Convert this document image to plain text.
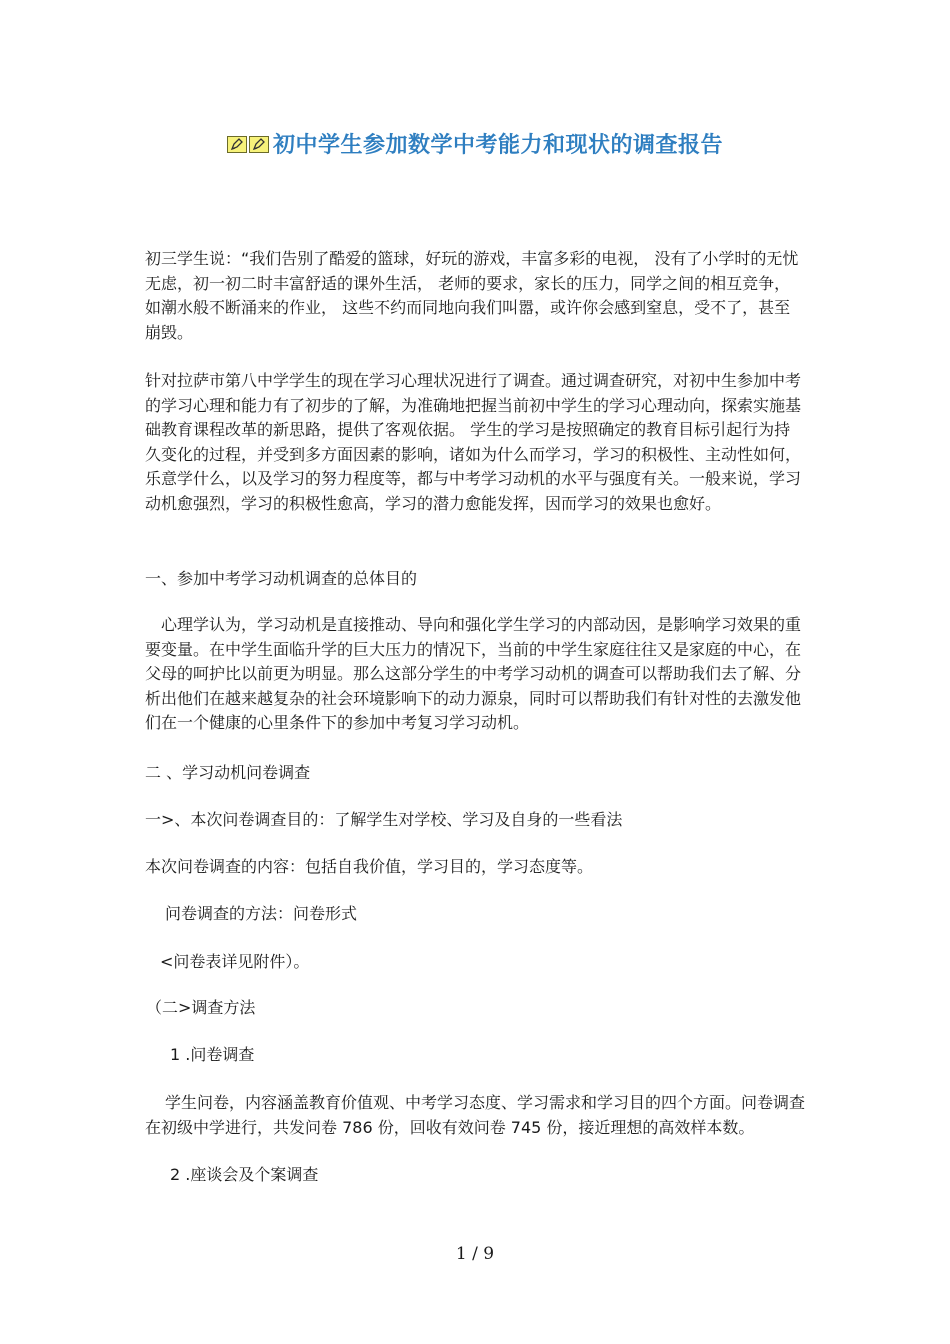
初中学生参加数学中考能力和现状的调查报告

初三学生说：“我们告别了酷爱的篮球，好玩的游戏，丰富多彩的电视， 没有了小学时的无忧无虑，初一初二时丰富舒适的课外生活， 老师的要求，家长的压力，同学之间的相互竞争， 如潮水般不断涌来的作业， 这些不约而同地向我们叫嚣，或许你会感到窒息，受不了，甚至崩毁。

针对拉萨市第八中学学生的现在学习心理状况进行了调查。通过调查研究，对初中生参加中考的学习心理和能力有了初步的了解，为准确地把握当前初中学生的学习心理动向，探索实施基础教育课程改革的新思路，提供了客观依据。 学生的学习是按照确定的教育目标引起行为持久变化的过程，并受到多方面因素的影响，诸如为什么而学习，学习的积极性、主动性如何，乐意学什么，以及学习的努力程度等，都与中考学习动机的水平与强度有关。一般来说，学习动机愈强烈，学习的积极性愈高，学习的潜力愈能发挥，因而学习的效果也愈好。

一、参加中考学习动机调查的总体目的

心理学认为，学习动机是直接推动、导向和强化学生学习的内部动因，是影响学习效果的重要变量。在中学生面临升学的巨大压力的情况下，当前的中学生家庭往往又是家庭的中心，在父母的呵护比以前更为明显。那么这部分学生的中考学习动机的调查可以帮助我们去了解、分析出他们在越来越复杂的社会环境影响下的动力源泉，同时可以帮助我们有针对性的去激发他们在一个健康的心里条件下的参加中考复习学习动机。

二 、学习动机问卷调查

一>、本次问卷调查目的：了解学生对学校、学习及自身的一些看法

本次问卷调查的内容：包括自我价值，学习目的，学习态度等。

问卷调查的方法：问卷形式

<问卷表详见附件）。

（二>调查方法

1 .问卷调查

学生问卷，内容涵盖教育价值观、中考学习态度、学习需求和学习目的四个方面。问卷调查在初级中学进行，共发问卷 786 份，回收有效问卷 745 份，接近理想的高效样本数。

2 .座谈会及个案调查

1 / 9
